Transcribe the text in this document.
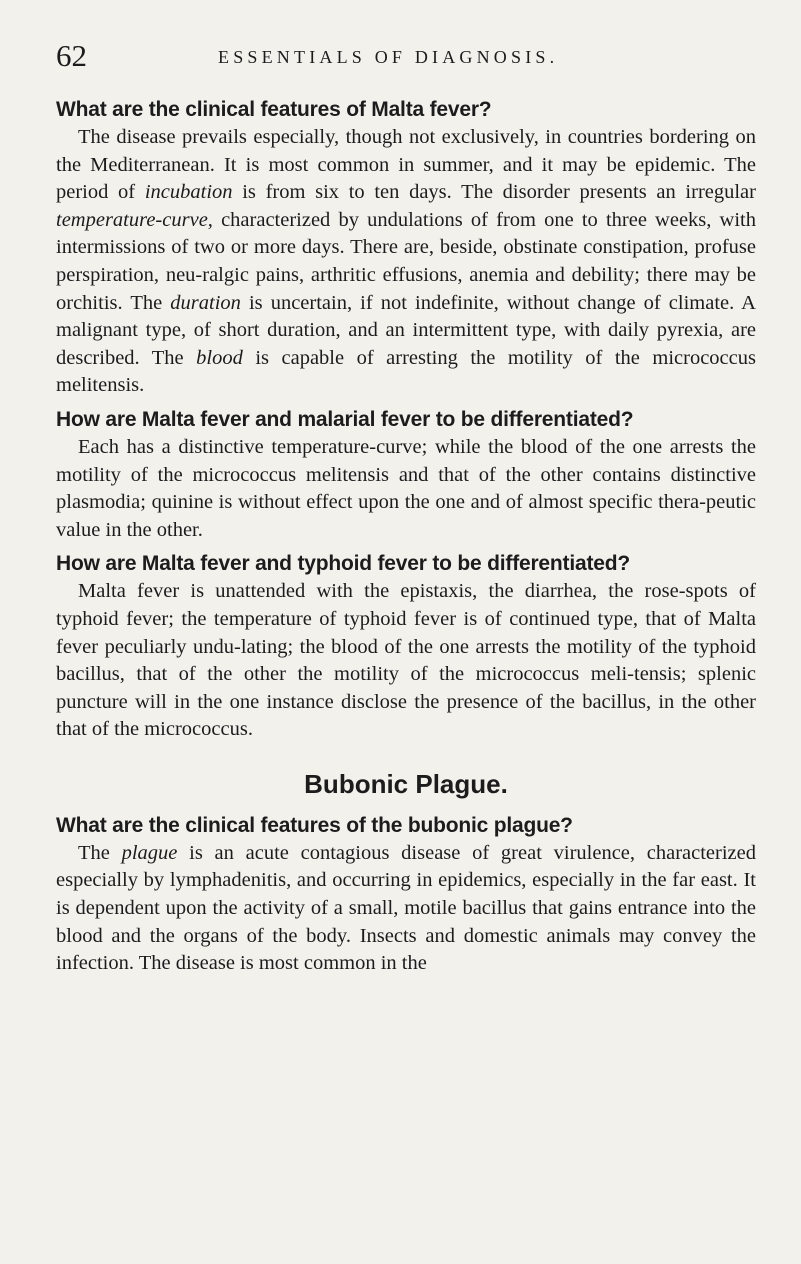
62	ESSENTIALS OF DIAGNOSIS.

What are the clinical features of Malta fever?

The disease prevails especially, though not exclusively, in countries bordering on the Mediterranean. It is most common in summer, and it may be epidemic. The period of incubation is from six to ten days. The disorder presents an irregular temperature-curve, characterized by undulations of from one to three weeks, with intermissions of two or more days. There are, beside, obstinate constipation, profuse perspiration, neu-ralgic pains, arthritic effusions, anemia and debility; there may be orchitis. The duration is uncertain, if not indefinite, without change of climate. A malignant type, of short duration, and an intermittent type, with daily pyrexia, are described. The blood is capable of arresting the motility of the micrococcus melitensis.

How are Malta fever and malarial fever to be differentiated?

Each has a distinctive temperature-curve; while the blood of the one arrests the motility of the micrococcus melitensis and that of the other contains distinctive plasmodia; quinine is without effect upon the one and of almost specific thera-peutic value in the other.

How are Malta fever and typhoid fever to be differentiated?

Malta fever is unattended with the epistaxis, the diarrhea, the rose-spots of typhoid fever; the temperature of typhoid fever is of continued type, that of Malta fever peculiarly undu-lating; the blood of the one arrests the motility of the typhoid bacillus, that of the other the motility of the micrococcus meli-tensis; splenic puncture will in the one instance disclose the presence of the bacillus, in the other that of the micrococcus.

Bubonic Plague.

What are the clinical features of the bubonic plague?

The plague is an acute contagious disease of great virulence, characterized especially by lymphadenitis, and occurring in epidemics, especially in the far east. It is dependent upon the activity of a small, motile bacillus that gains entrance into the blood and the organs of the body. Insects and domestic animals may convey the infection. The disease is most common in the
